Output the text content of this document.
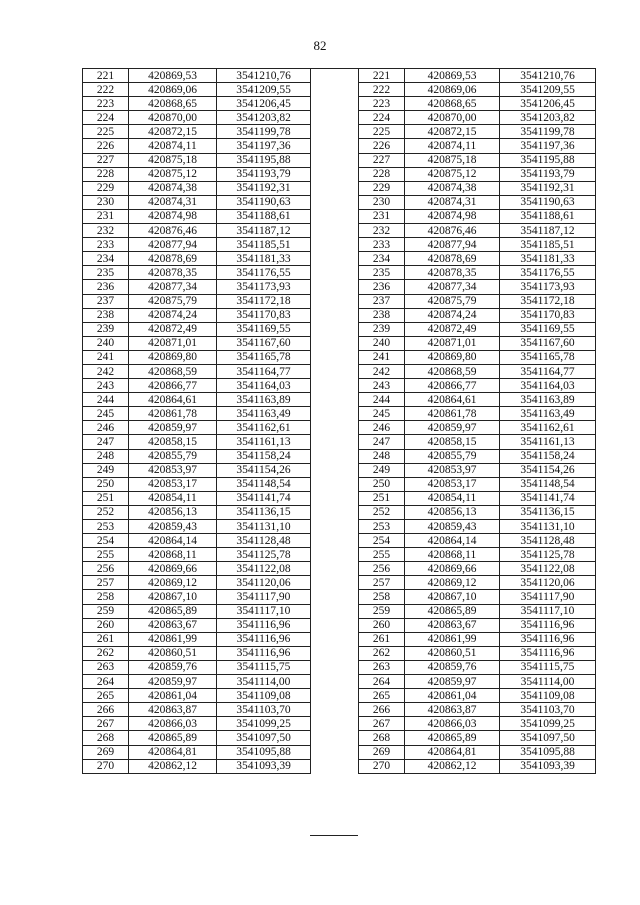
82
221	420869,53	3541210,76
222	420869,06	3541209,55
223	420868,65	3541206,45
224	420870,00	3541203,82
225	420872,15	3541199,78
226	420874,11	3541197,36
227	420875,18	3541195,88
228	420875,12	3541193,79
229	420874,38	3541192,31
230	420874,31	3541190,63
231	420874,98	3541188,61
232	420876,46	3541187,12
233	420877,94	3541185,51
234	420878,69	3541181,33
235	420878,35	3541176,55
236	420877,34	3541173,93
237	420875,79	3541172,18
238	420874,24	3541170,83
239	420872,49	3541169,55
240	420871,01	3541167,60
241	420869,80	3541165,78
242	420868,59	3541164,77
243	420866,77	3541164,03
244	420864,61	3541163,89
245	420861,78	3541163,49
246	420859,97	3541162,61
247	420858,15	3541161,13
248	420855,79	3541158,24
249	420853,97	3541154,26
250	420853,17	3541148,54
251	420854,11	3541141,74
252	420856,13	3541136,15
253	420859,43	3541131,10
254	420864,14	3541128,48
255	420868,11	3541125,78
256	420869,66	3541122,08
257	420869,12	3541120,06
258	420867,10	3541117,90
259	420865,89	3541117,10
260	420863,67	3541116,96
261	420861,99	3541116,96
262	420860,51	3541116,96
263	420859,76	3541115,75
264	420859,97	3541114,00
265	420861,04	3541109,08
266	420863,87	3541103,70
267	420866,03	3541099,25
268	420865,89	3541097,50
269	420864,81	3541095,88
270	420862,12	3541093,39
221	420869,53	3541210,76
222	420869,06	3541209,55
223	420868,65	3541206,45
224	420870,00	3541203,82
225	420872,15	3541199,78
226	420874,11	3541197,36
227	420875,18	3541195,88
228	420875,12	3541193,79
229	420874,38	3541192,31
230	420874,31	3541190,63
231	420874,98	3541188,61
232	420876,46	3541187,12
233	420877,94	3541185,51
234	420878,69	3541181,33
235	420878,35	3541176,55
236	420877,34	3541173,93
237	420875,79	3541172,18
238	420874,24	3541170,83
239	420872,49	3541169,55
240	420871,01	3541167,60
241	420869,80	3541165,78
242	420868,59	3541164,77
243	420866,77	3541164,03
244	420864,61	3541163,89
245	420861,78	3541163,49
246	420859,97	3541162,61
247	420858,15	3541161,13
248	420855,79	3541158,24
249	420853,97	3541154,26
250	420853,17	3541148,54
251	420854,11	3541141,74
252	420856,13	3541136,15
253	420859,43	3541131,10
254	420864,14	3541128,48
255	420868,11	3541125,78
256	420869,66	3541122,08
257	420869,12	3541120,06
258	420867,10	3541117,90
259	420865,89	3541117,10
260	420863,67	3541116,96
261	420861,99	3541116,96
262	420860,51	3541116,96
263	420859,76	3541115,75
264	420859,97	3541114,00
265	420861,04	3541109,08
266	420863,87	3541103,70
267	420866,03	3541099,25
268	420865,89	3541097,50
269	420864,81	3541095,88
270	420862,12	3541093,39
